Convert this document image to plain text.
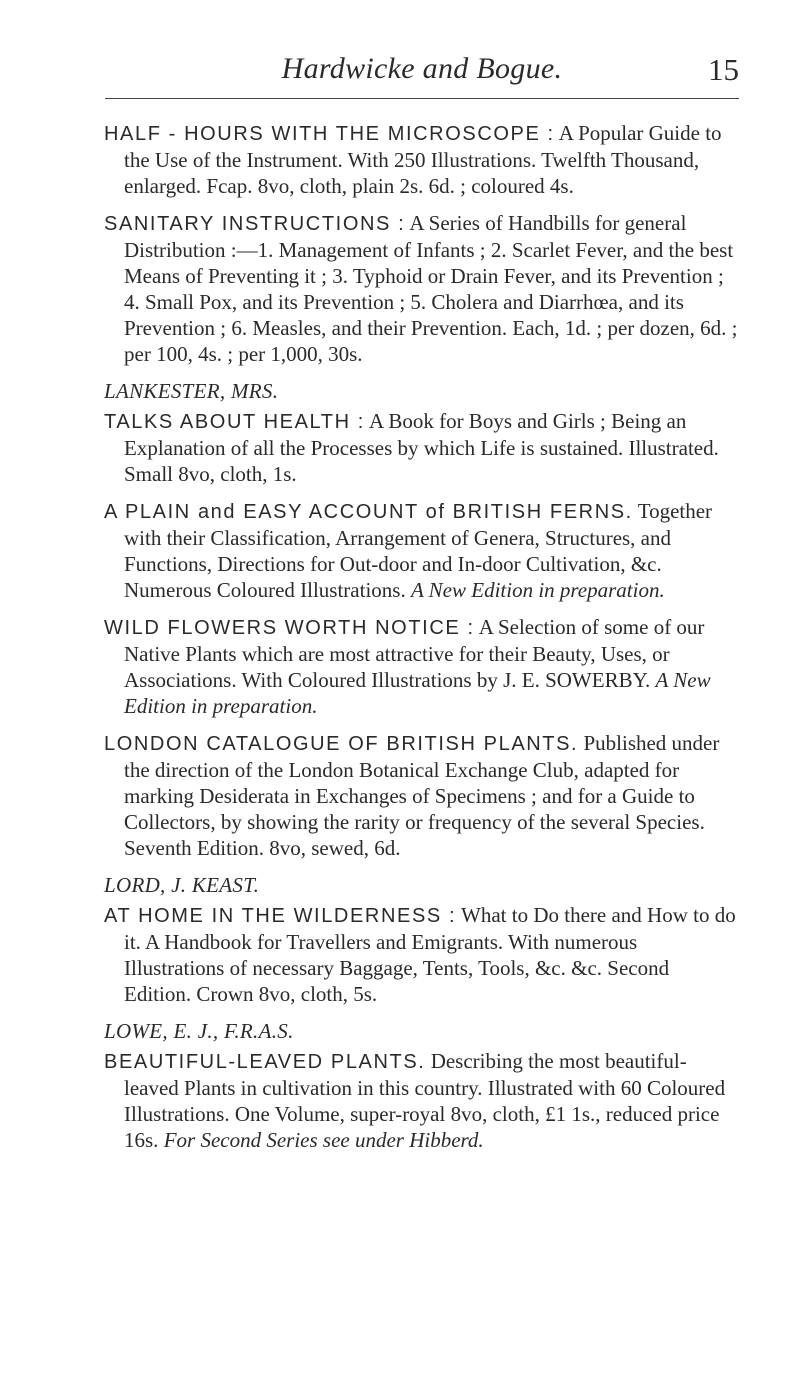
Hardwicke and Bogue.	15

HALF - HOURS WITH THE MICROSCOPE : A Popular Guide to the Use of the Instrument. With 250 Illustrations. Twelfth Thousand, enlarged. Fcap. 8vo, cloth, plain 2s. 6d. ; coloured 4s.

SANITARY INSTRUCTIONS : A Series of Handbills for general Distribution :—1. Management of Infants ; 2. Scarlet Fever, and the best Means of Preventing it ; 3. Typhoid or Drain Fever, and its Prevention ; 4. Small Pox, and its Prevention ; 5. Cholera and Diarrhœa, and its Prevention ; 6. Measles, and their Prevention. Each, 1d. ; per dozen, 6d. ; per 100, 4s. ; per 1,000, 30s.

LANKESTER, MRS.

TALKS ABOUT HEALTH : A Book for Boys and Girls ; Being an Explanation of all the Processes by which Life is sustained. Illustrated. Small 8vo, cloth, 1s.

A PLAIN and EASY ACCOUNT of BRITISH FERNS. Together with their Classification, Arrangement of Genera, Structures, and Functions, Directions for Out-door and In-door Cultivation, &c. Numerous Coloured Illustrations. A New Edition in preparation.

WILD FLOWERS WORTH NOTICE : A Selection of some of our Native Plants which are most attractive for their Beauty, Uses, or Associations. With Coloured Illustrations by J. E. SOWERBY. A New Edition in preparation.

LONDON CATALOGUE OF BRITISH PLANTS. Published under the direction of the London Botanical Exchange Club, adapted for marking Desiderata in Exchanges of Specimens ; and for a Guide to Collectors, by showing the rarity or frequency of the several Species. Seventh Edition. 8vo, sewed, 6d.

LORD, J. KEAST.

AT HOME IN THE WILDERNESS : What to Do there and How to do it. A Handbook for Travellers and Emigrants. With numerous Illustrations of necessary Baggage, Tents, Tools, &c. &c. Second Edition. Crown 8vo, cloth, 5s.

LOWE, E. J., F.R.A.S.

BEAUTIFUL-LEAVED PLANTS. Describing the most beautiful-leaved Plants in cultivation in this country. Illustrated with 60 Coloured Illustrations. One Volume, super-royal 8vo, cloth, £1 1s., reduced price 16s. For Second Series see under Hibberd.
